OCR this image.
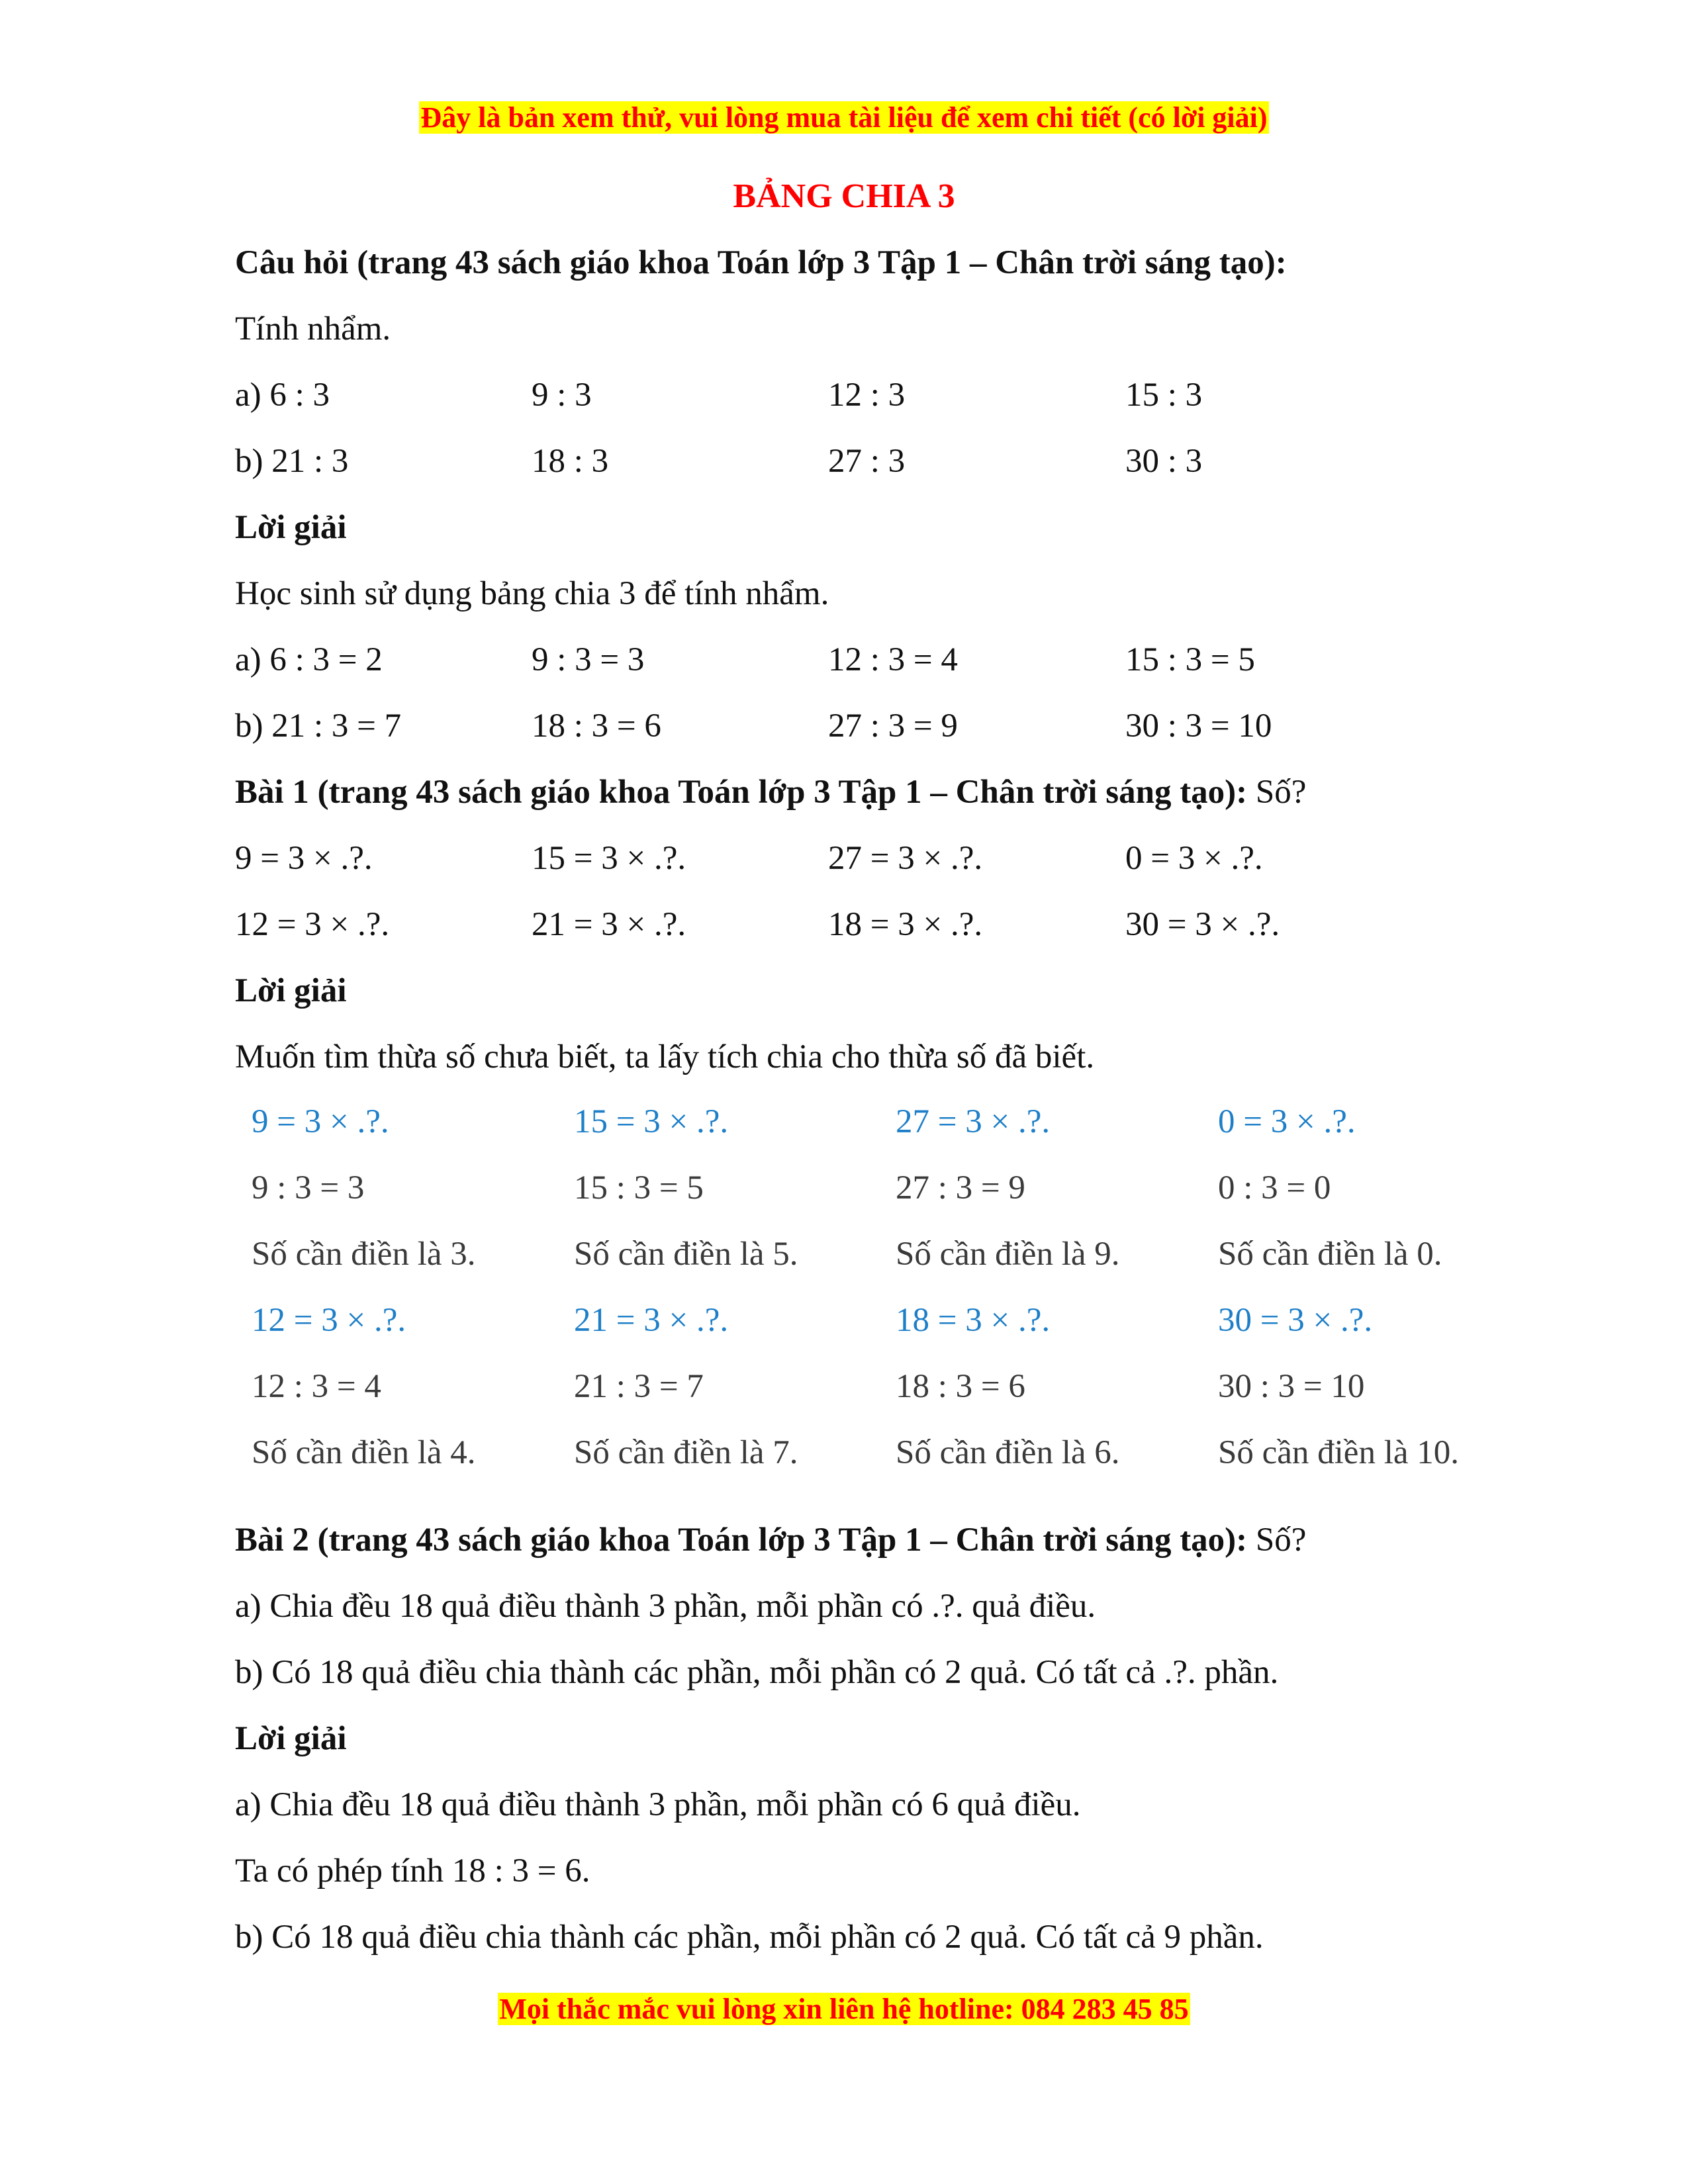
Đây là bản xem thử, vui lòng mua tài liệu để xem chi tiết (có lời giải)
BẢNG CHIA 3
Câu hỏi (trang 43 sách giáo khoa Toán lớp 3 Tập 1 – Chân trời sáng tạo):
Tính nhẩm.
a) 6 : 3	9 : 3	12 : 3	15 : 3
b) 21 : 3	18 : 3	27 : 3	30 : 3
Lời giải
Học sinh sử dụng bảng chia 3 để tính nhẩm.
a) 6 : 3 = 2	9 : 3 = 3	12 : 3 = 4	15 : 3 = 5
b) 21 : 3 = 7	18 : 3 = 6	27 : 3 = 9	30 : 3 = 10
Bài 1 (trang 43 sách giáo khoa Toán lớp 3 Tập 1 – Chân trời sáng tạo): Số?
9 = 3 × .?.	15 = 3 × .?.	27 = 3 × .?.	0 = 3 × .?.
12 = 3 × .?.	21 = 3 × .?.	18 = 3 × .?.	30 = 3 × .?.
Lời giải
Muốn tìm thừa số chưa biết, ta lấy tích chia cho thừa số đã biết.
9 = 3 × .?.	15 = 3 × .?.	27 = 3 × .?.	0 = 3 × .?.
9 : 3 = 3	15 : 3 = 5	27 : 3 = 9	0 : 3 = 0
Số cần điền là 3.	Số cần điền là 5.	Số cần điền là 9.	Số cần điền là 0.
12 = 3 × .?.	21 = 3 × .?.	18 = 3 × .?.	30 = 3 × .?.
12 : 3 = 4	21 : 3 = 7	18 : 3 = 6	30 : 3 = 10
Số cần điền là 4.	Số cần điền là 7.	Số cần điền là 6.	Số cần điền là 10.
Bài 2 (trang 43 sách giáo khoa Toán lớp 3 Tập 1 – Chân trời sáng tạo): Số?
a) Chia đều 18 quả điều thành 3 phần, mỗi phần có .?. quả điều.
b) Có 18 quả điều chia thành các phần, mỗi phần có 2 quả. Có tất cả .?. phần.
Lời giải
a) Chia đều 18 quả điều thành 3 phần, mỗi phần có 6 quả điều.
Ta có phép tính 18 : 3 = 6.
b) Có 18 quả điều chia thành các phần, mỗi phần có 2 quả. Có tất cả 9 phần.
Mọi thắc mắc vui lòng xin liên hệ hotline: 084 283 45 85
